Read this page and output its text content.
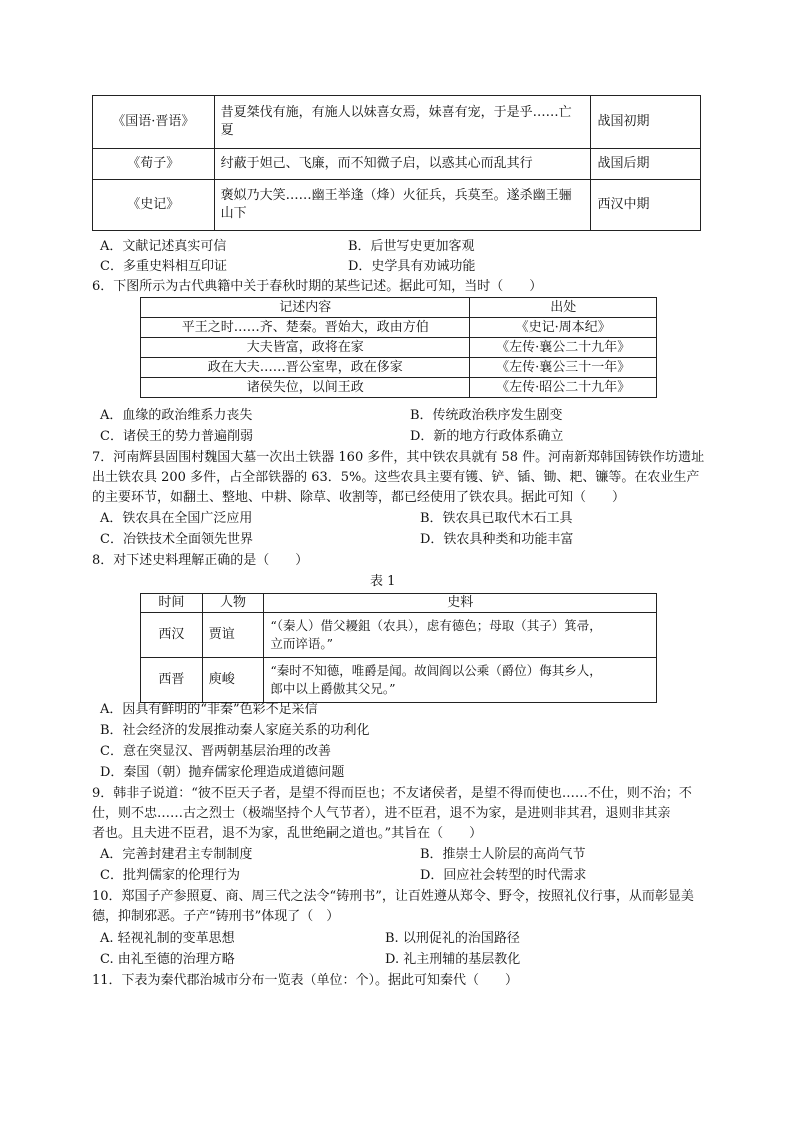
《国语·晋语》	昔夏桀伐有施，有施人以妹喜女焉，妹喜有宠，于是乎……亡夏	战国初期
《荀子》	纣蔽于妲己、飞廉，而不知微子启，以惑其心而乱其行	战国后期
《史记》	褒姒乃大笑……幽王举逢（烽）火征兵，兵莫至。遂杀幽王骊山下	西汉中期
A．文献记述真实可信	B．后世写史更加客观
C．多重史料相互印证	D．史学具有劝诫功能
6．下图所示为古代典籍中关于春秋时期的某些记述。据此可知，当时（　　）
记述内容	出处
平王之时……齐、楚秦。晋始大，政由方伯	《史记·周本纪》
大夫皆富，政将在家	《左传·襄公二十九年》
政在大夫……晋公室卑，政在侈家	《左传·襄公三十一年》
诸侯失位，以间王政	《左传·昭公二十九年》
A．血缘的政治维系力丧失	B．传统政治秩序发生剧变
C．诸侯王的势力普遍削弱	D．新的地方行政体系确立
7．河南辉县固围村魏国大墓一次出土铁器 160 多件，其中铁农具就有 58 件。河南新郑韩国铸铁作坊遗址
出土铁农具 200 多件，占全部铁器的 63．5%。这些农具主要有镬、铲、锸、锄、耙、镰等。在农业生产
的主要环节，如翻土、整地、中耕、除草、收割等，都已经使用了铁农具。据此可知（　　）
A．铁农具在全国广泛应用	B．铁农具已取代木石工具
C．冶铁技术全面领先世界	D．铁农具种类和功能丰富
8．对下述史料理解正确的是（　　）
表 1
时间	人物	史料
西汉	贾谊	“（秦人）借父耰鉏（农具），虑有德色；母取（其子）箕帚，
立而谇语。”

西晋	庾峻	“秦时不知德，唯爵是闻。故闾阎以公乘（爵位）侮其乡人，
郎中以上爵傲其父兄。”
A．因具有鲜明的“非秦”色彩不足采信
B．社会经济的发展推动秦人家庭关系的功利化
C．意在突显汉、晋两朝基层治理的改善
D．秦国（朝）抛弃儒家伦理造成道德问题
9．韩非子说道：“彼不臣天子者，是望不得而臣也；不友诸侯者，是望不得而使也……不仕，则不治；不
仕，则不忠……古之烈士（极端坚持个人气节者），进不臣君，退不为家，是进则非其君，退则非其亲
者也。且夫进不臣君，退不为家，乱世绝嗣之道也。”其旨在（　　）
A．完善封建君主专制制度	B．推崇士人阶层的高尚气节
C．批判儒家的伦理行为	D．回应社会转型的时代需求
10．郑国子产参照夏、商、周三代之法令“铸刑书”，让百姓遵从郑令、野令，按照礼仪行事，从而彰显美
德，抑制邪恶。子产“铸刑书”体现了（　）
A. 轻视礼制的变革思想	B. 以刑促礼的治国路径
C. 由礼至德的治理方略	D. 礼主刑辅的基层教化
11．下表为秦代郡治城市分布一览表（单位：个）。据此可知秦代（　　）
